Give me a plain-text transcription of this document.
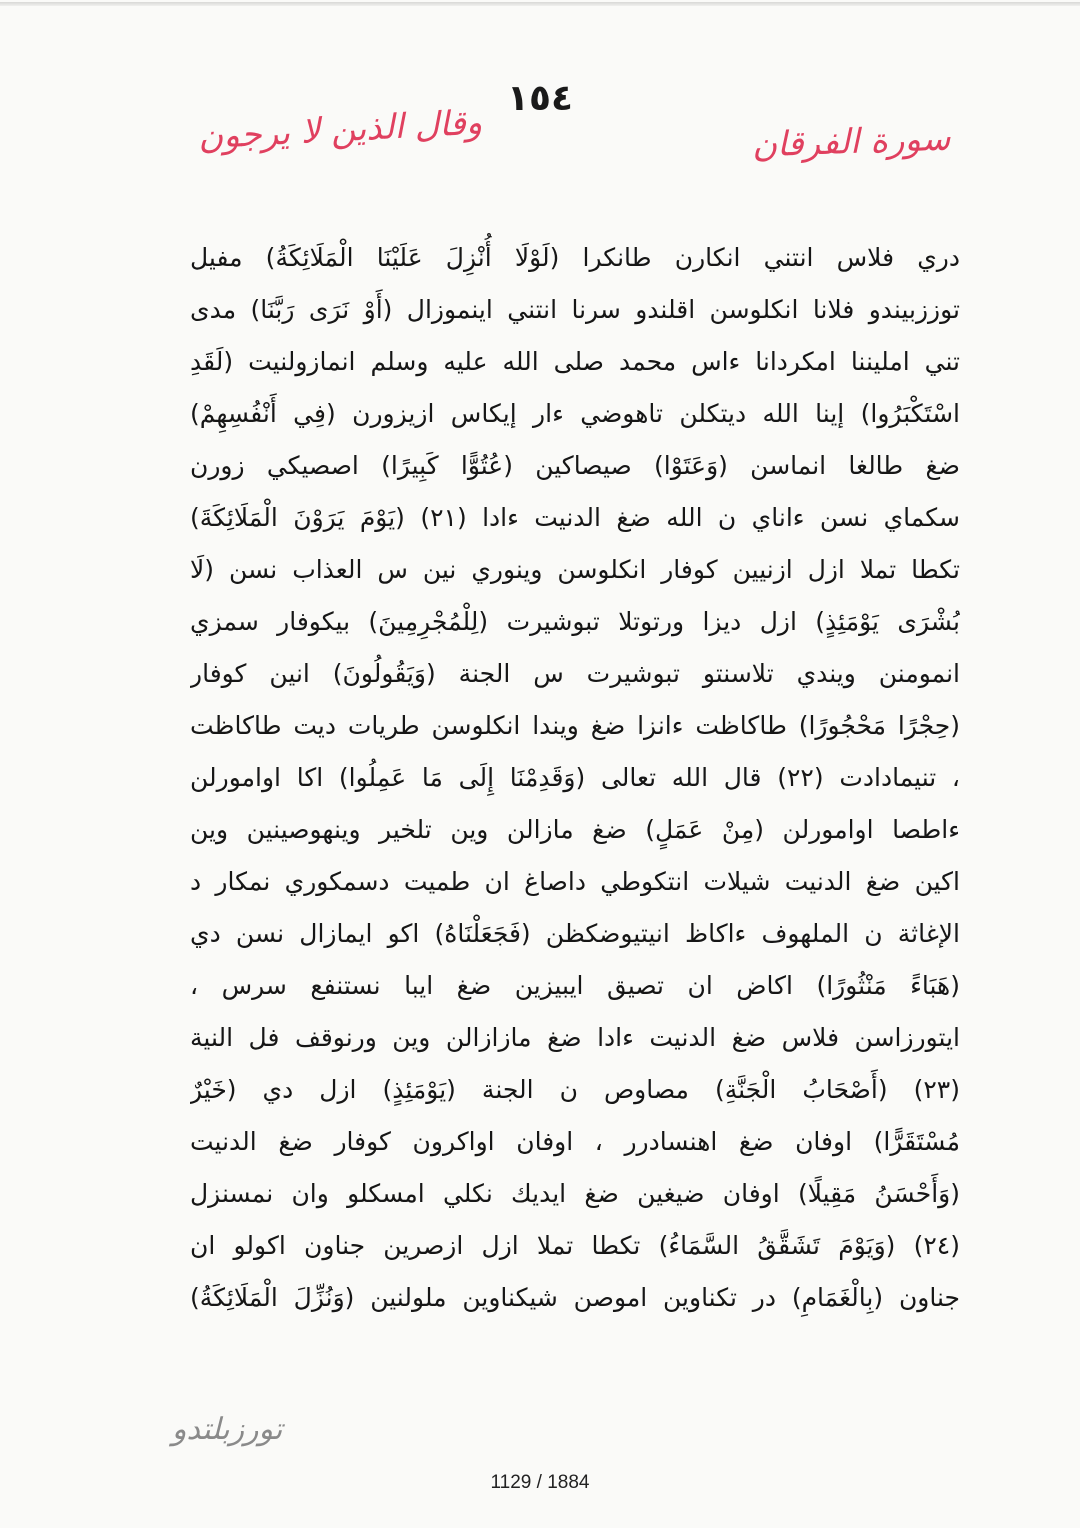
١٥٤
سورة الفرقان
وقال الذين لا يرجون
دري فلاس انتني انكارن طانكرا (لَوْلَا أُنْزِلَ عَلَيْنَا الْمَلَائِكَةُ) مفيل
توززبيندو فلانا انكلوسن اقلندو سرنا انتني اينموزال (أَوْ نَرَى رَبَّنَا) مدى
تني امليننا امكردانا ءاس محمد صلى الله عليه وسلم انمازولنيت (لَقَدِ
اسْتَكْبَرُوا) إينا الله ديتكلن تاهوضي ءار إيكاس ازيزورن (فِي أَنْفُسِهِمْ)
ضغ طالغا انماسن (وَعَتَوْا) صيصاكين (عُتُوًّا كَبِيرًا) اصصيكي زورن
سكماي نسن ءاناي ن الله ضغ الدنيت ءادا (٢١) (يَوْمَ يَرَوْنَ الْمَلَائِكَةَ)
تكطا تملا ازل ازنيين كوفار انكلوسن وينوري نين س العذاب نسن (لَا
بُشْرَى يَوْمَئِذٍ) ازل ديزا ورتوتلا تبوشيرت (لِلْمُجْرِمِينَ) بيكوفار سمزي
انمومنن ويندي تلاسنتو تبوشيرت س الجنة (وَيَقُولُونَ) انين كوفار
(حِجْرًا مَحْجُورًا) طاكاظت ءانزا ضغ ويندا انكلوسن طريات ديت طاكاظت
، تنيمادادت (٢٢) قال الله تعالى (وَقَدِمْنَا إِلَى مَا عَمِلُوا) اكا اوامورلن
ءاطصا اوامورلن (مِنْ عَمَلٍ) ضغ مازالن وين تلخير وينهوصينين وين
اكين ضغ الدنيت شيلات انتكوطي داصاغ ان طميت دسمكوري نمكار د
الإغاثة ن الملهوف ءاكاظ انيتيوضكظن (فَجَعَلْنَاهُ) اكو ايمازال نسن دي
(هَبَاءً مَنْثُورًا) اكاض ان تصيق ايبيزين ضغ ايبا نستنفع سرس ،
ايتورزاسن فلاس ضغ الدنيت ءادا ضغ مازازالن وين ورنوقف فل النية
(٢٣) (أَصْحَابُ الْجَنَّةِ) مصاوص ن الجنة (يَوْمَئِذٍ) ازل دي (خَيْرٌ
مُسْتَقَرًّا) اوفان ضغ اهنسادرر ، اوفان اواكرون كوفار ضغ الدنيت
(وَأَحْسَنُ مَقِيلًا) اوفان ضيغين ضغ ايديك نكلي امسكلو وان نمسنزل
(٢٤) (وَيَوْمَ تَشَقَّقُ السَّمَاءُ) تكطا تملا ازل ازصرين جناون اكولو ان
جناون (بِالْغَمَامِ) در تكناوين اموصن شيكناوين ملولنين (وَنُزِّلَ الْمَلَائِكَةُ)
تورزبلتدو
1129 / 1884
